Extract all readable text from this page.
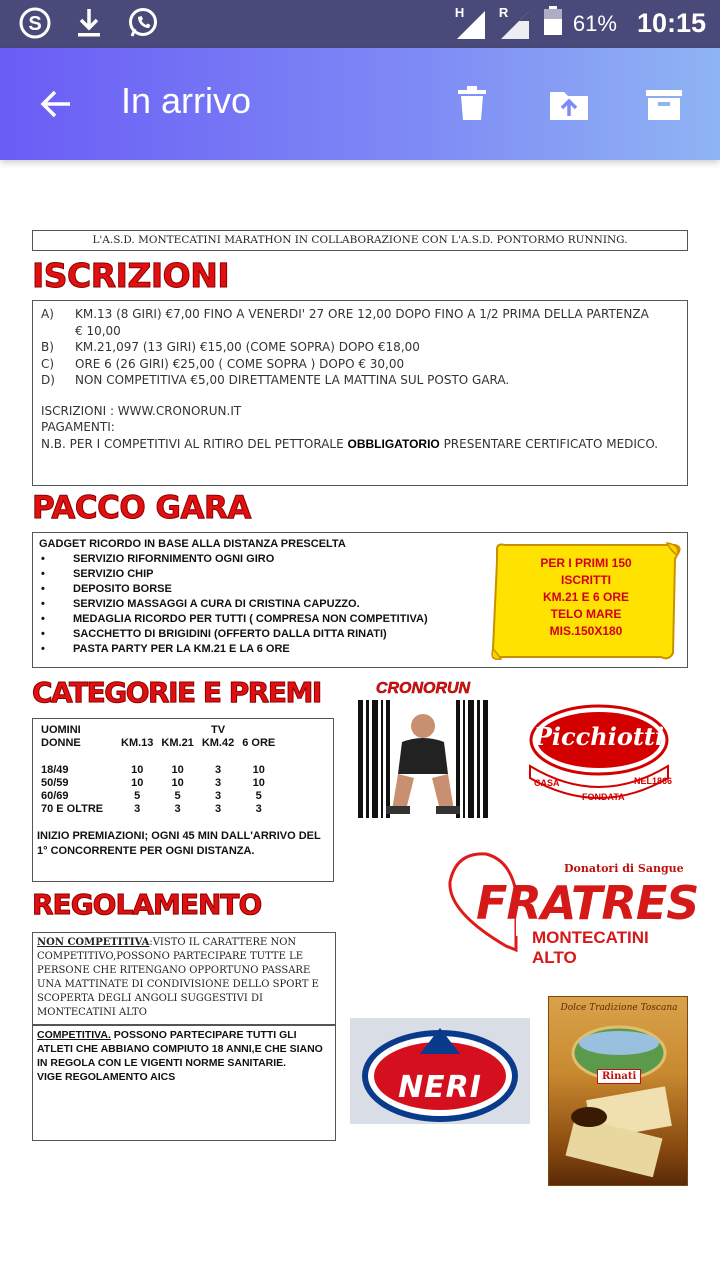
S
H	R	61% 10:15
In arrivo
L'A.S.D. MONTECATINI MARATHON IN COLLABORAZIONE CON L'A.S.D. PONTORMO RUNNING.
ISCRIZIONI
A)	KM.13 (8 GIRI) €7,00 FINO A VENERDI' 27 ORE 12,00 DOPO FINO A 1/2 PRIMA DELLA PARTENZA
€ 10,00
B)	KM.21,097 (13 GIRI) €15,00 (COME SOPRA) DOPO €18,00
C)	ORE 6 (26 GIRI) €25,00 ( COME SOPRA ) DOPO € 30,00
D)	NON COMPETITIVA €5,00 DIRETTAMENTE LA MATTINA SUL POSTO GARA.
ISCRIZIONI : WWW.CRONORUN.IT
PAGAMENTI:
N.B. PER I COMPETITIVI AL RITIRO DEL PETTORALE OBBLIGATORIO PRESENTARE CERTIFICATO MEDICO.
PACCO GARA
GADGET RICORDO IN BASE ALLA DISTANZA PRESCELTA
• SERVIZIO RIFORNIMENTO OGNI GIRO
• SERVIZIO CHIP
• DEPOSITO BORSE
• SERVIZIO MASSAGGI A CURA DI CRISTINA CAPUZZO.
• MEDAGLIA RICORDO PER TUTTI ( COMPRESA NON COMPETITIVA)
• SACCHETTO DI BRIGIDINI (OFFERTO DALLA DITTA RINATI)
• PASTA PARTY PER LA KM.21 E LA 6 ORE
PER I PRIMI 150
ISCRITTI
KM.21 E 6 ORE
TELO MARE
MIS.150X180
CATEGORIE E PREMI
UOMINI			TV	
DONNE	KM.13	KM.21	KM.42	6 ORE

18/49	10	10	3	10
50/59	10	10	3	10
60/69	5	5	3	5
70 E OLTRE	3	3	3	3
INIZIO PREMIAZIONI; OGNI 45 MIN DALL'ARRIVO DEL 1° CONCORRENTE PER OGNI DISTANZA.
REGOLAMENTO
NON COMPETITIVA:VISTO IL CARATTERE NON COMPETITIVO,POSSONO PARTECIPARE TUTTE LE PERSONE CHE RITENGANO OPPORTUNO PASSARE UNA MATTINATE DI CONDIVISIONE DELLO SPORT E SCOPERTA DEGLI ANGOLI SUGGESTIVI DI MONTECATINI ALTO
COMPETITIVA. POSSONO PARTECIPARE TUTTI GLI ATLETI CHE ABBIANO COMPIUTO 18 ANNI,E CHE SIANO IN REGOLA CON LE VIGENTI NORME SANITARIE.
VIGE REGOLAMENTO AICS
CRONORUN
Picchiotti
CASA
FONDATA
NEL1866
Donatori di Sangue
FRATRES
MONTECATINI ALTO
NERI
Dolce Tradizione Toscana
Rinati
